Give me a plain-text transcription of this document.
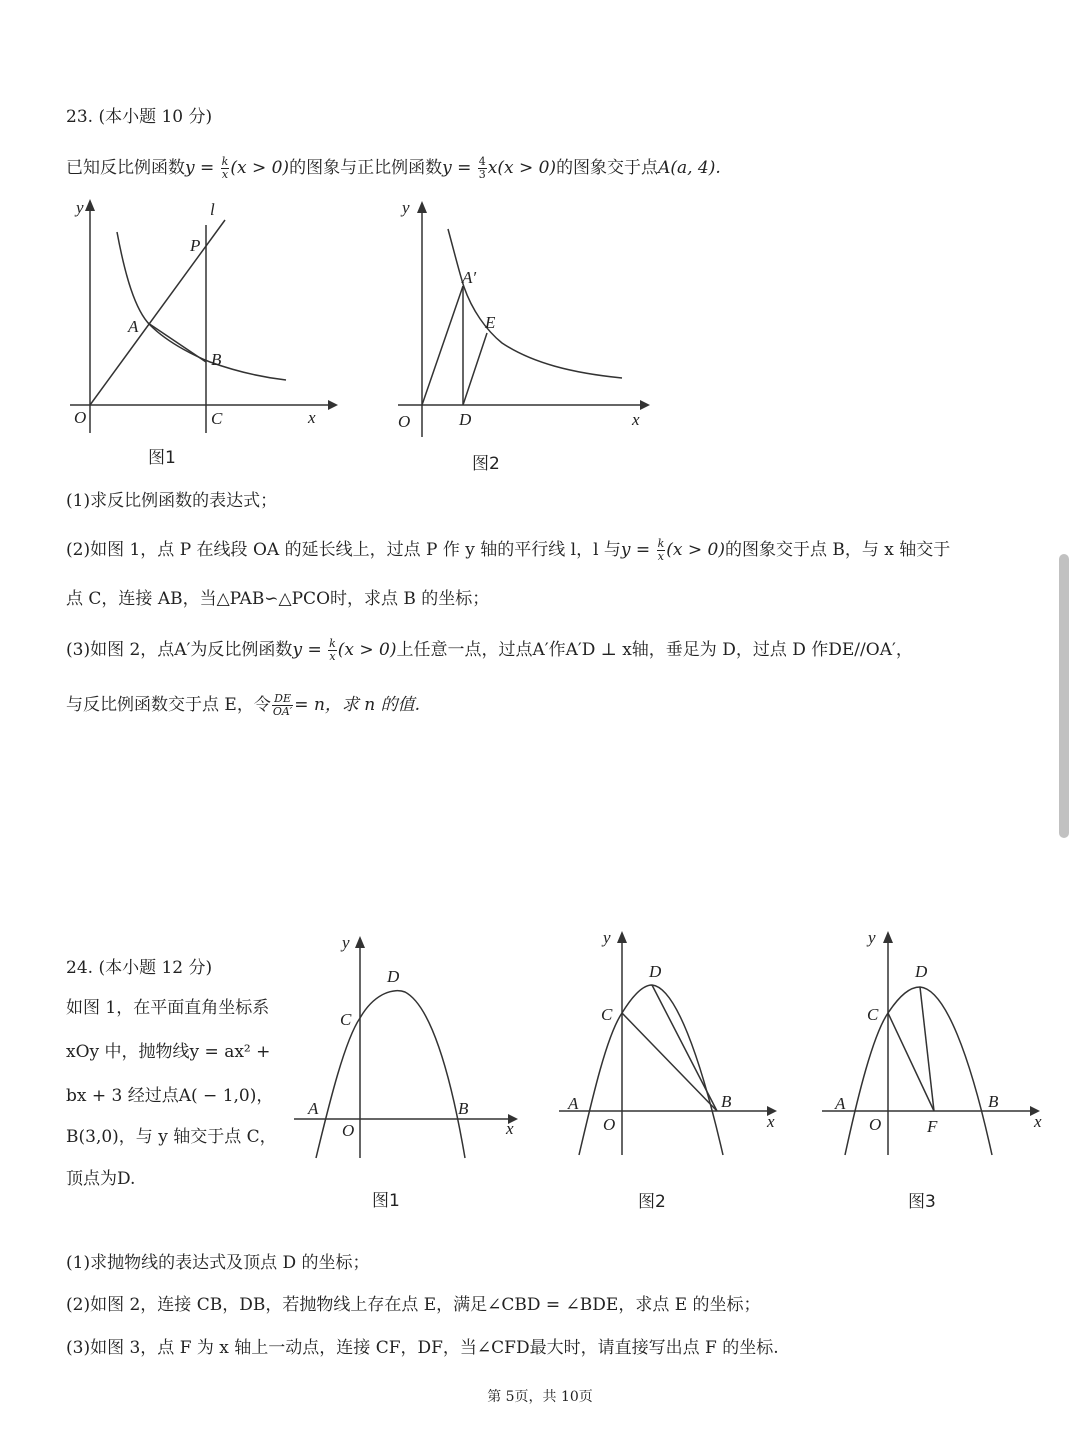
23. (本小题 10 分)
已知反比例函数$y = \frac{k}{x} (x > 0)$的图象与正比例函数$y = \frac{4}{3} x(x > 0)$的图象交于点A(a, 4).
y
x
O
l
P
A
B
C
图1
y
x
O
A′
E
D
图2
(1)求反比例函数的表达式；
(2)如图 1，点 P 在线段 OA 的延长线上，过点 P 作 y 轴的平行线 l，l 与$y = \frac{k}{x} (x > 0)$的图象交于点 B，与 x 轴交于
点 C，连接 AB，当△PAB∽△PCO时，求点 B 的坐标；
(3)如图 2，点A′为反比例函数$y = \frac{k}{x} (x > 0)$上任意一点，过点A′作A′D ⊥ x轴，垂足为 D，过点 D 作DE//OA′，
与反比例函数交于点 E，令 $\frac{DE}{OA'} = n$，求 n 的值.
24. (本小题 12 分)
如图 1，在平面直角坐标系
xOy 中，抛物线y = ax² +
bx + 3 经过点A( − 1,0)，
B(3,0)，与 y 轴交于点 C，
顶点为D.
y
x
O
A	B
C
D
图1
y
x
O
A	B
C
D
图2
y
x
O
A	B
C
D
F
图3
(1)求抛物线的表达式及顶点 D 的坐标；
(2)如图 2，连接 CB，DB，若抛物线上存在点 E，满足∠CBD = ∠BDE，求点 E 的坐标；
(3)如图 3，点 F 为 x 轴上一动点，连接 CF，DF，当∠CFD最大时，请直接写出点 F 的坐标.
第 5页，共 10页
